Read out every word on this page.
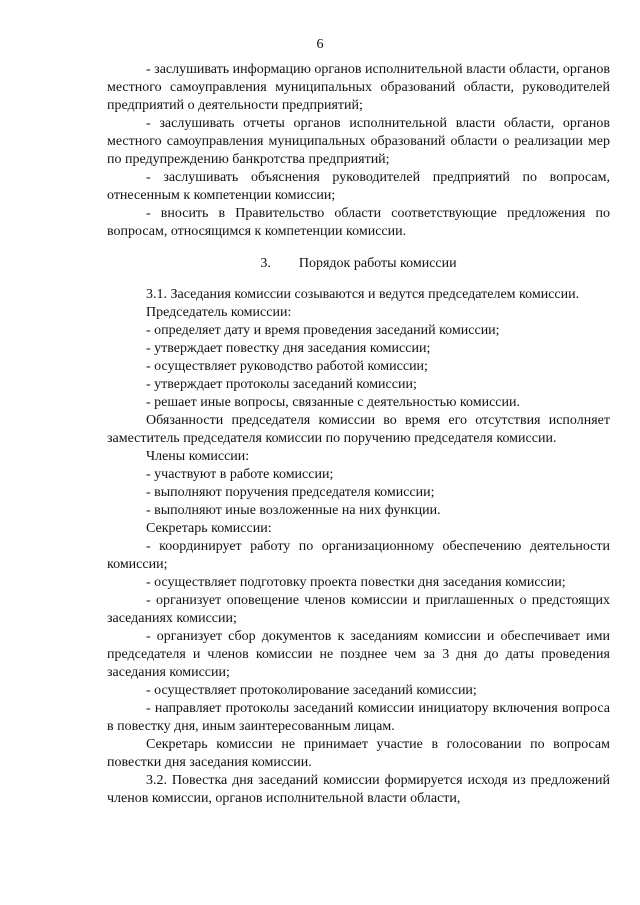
6

- заслушивать информацию органов исполнительной власти области, органов местного самоуправления муниципальных образований области, руководителей предприятий о деятельности предприятий;

- заслушивать отчеты органов исполнительной власти области, органов местного самоуправления муниципальных образований области о реализации мер по предупреждению банкротства предприятий;

- заслушивать объяснения руководителей предприятий по вопросам, отнесенным к компетенции комиссии;

- вносить в Правительство области соответствующие предложения по вопросам, относящимся к компетенции комиссии.

3. Порядок работы комиссии

3.1. Заседания комиссии созываются и ведутся председателем комиссии.

Председатель комиссии:

- определяет дату и время проведения заседаний комиссии;

- утверждает повестку дня заседания комиссии;

- осуществляет руководство работой комиссии;

- утверждает протоколы заседаний комиссии;

- решает иные вопросы, связанные с деятельностью комиссии.

Обязанности председателя комиссии во время его отсутствия исполняет заместитель председателя комиссии по поручению председателя комиссии.

Члены комиссии:

- участвуют в работе комиссии;

- выполняют поручения председателя комиссии;

- выполняют иные возложенные на них функции.

Секретарь комиссии:

- координирует работу по организационному обеспечению деятельности комиссии;

- осуществляет подготовку проекта повестки дня заседания комиссии;

- организует оповещение членов комиссии и приглашенных о предстоящих заседаниях комиссии;

- организует сбор документов к заседаниям комиссии и обеспечивает ими председателя и членов комиссии не позднее чем за 3 дня до даты проведения заседания комиссии;

- осуществляет протоколирование заседаний комиссии;

- направляет протоколы заседаний комиссии инициатору включения вопроса в повестку дня, иным заинтересованным лицам.

Секретарь комиссии не принимает участие в голосовании по вопросам повестки дня заседания комиссии.

3.2. Повестка дня заседаний комиссии формируется исходя из предложений членов комиссии, органов исполнительной власти области,
